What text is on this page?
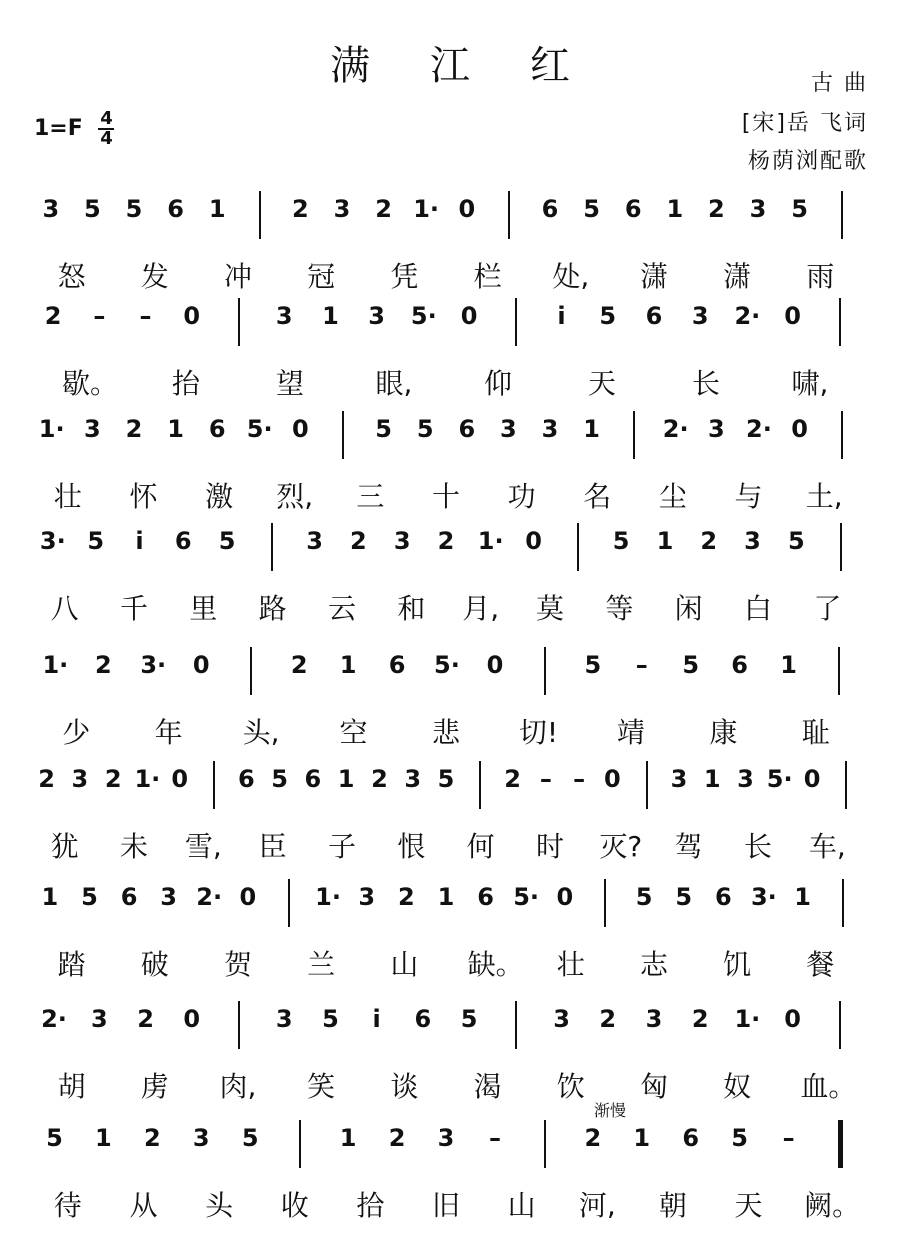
满江红	古 曲
[宋]岳 飞词
杨荫浏配歌
$1=F \frac{4}{4}$
渐慢
3 5 5 6 1	2 3 2 1· 0	6 5 6 1 2 3 5
怒 发 冲 冠 凭 栏 处, 潇 潇 雨
2 – – 0	3 1 3 5· 0	i	5 6 3 2· 0
歇。 抬	望	眼,	仰	天	长	啸,
1· 3 2 1 6 5· 0	5 5 6 3 3 1	2· 3 2· 0
壮 怀 激 烈, 三 十 功 名 尘 与 土,
3· 5	i	6 5	3 2 3 2 1· 0	5 1 2 3 5
八 千 里 路 云 和 月, 莫 等 闲 白 了
1· 2 3· 0	2 1 6 5· 0	5 – 5 6 1
少 年 头, 空 悲 切! 靖 康 耻
2 3 2 1· 0 6 5 6 1 2 3 5 2 – – 0 3 1 3 5· 0
犹 未 雪, 臣 子 恨 何 时 灭? 驾 长 车,
1 5 6 3 2· 0 1· 3 2 1 6 5· 0	5 5 6 3· 1
踏 破 贺 兰 山 缺。 壮 志 饥 餐
2· 3 2 0	3 5	i	6 5	3 2 3 2 1· 0
胡 虏 肉, 笑 谈 渴 饮 匈 奴 血。
5 1 2 3 5	1 2 3 –	2 1 6 5 –
待 从 头 收 拾 旧 山 河, 朝 天 阙。
